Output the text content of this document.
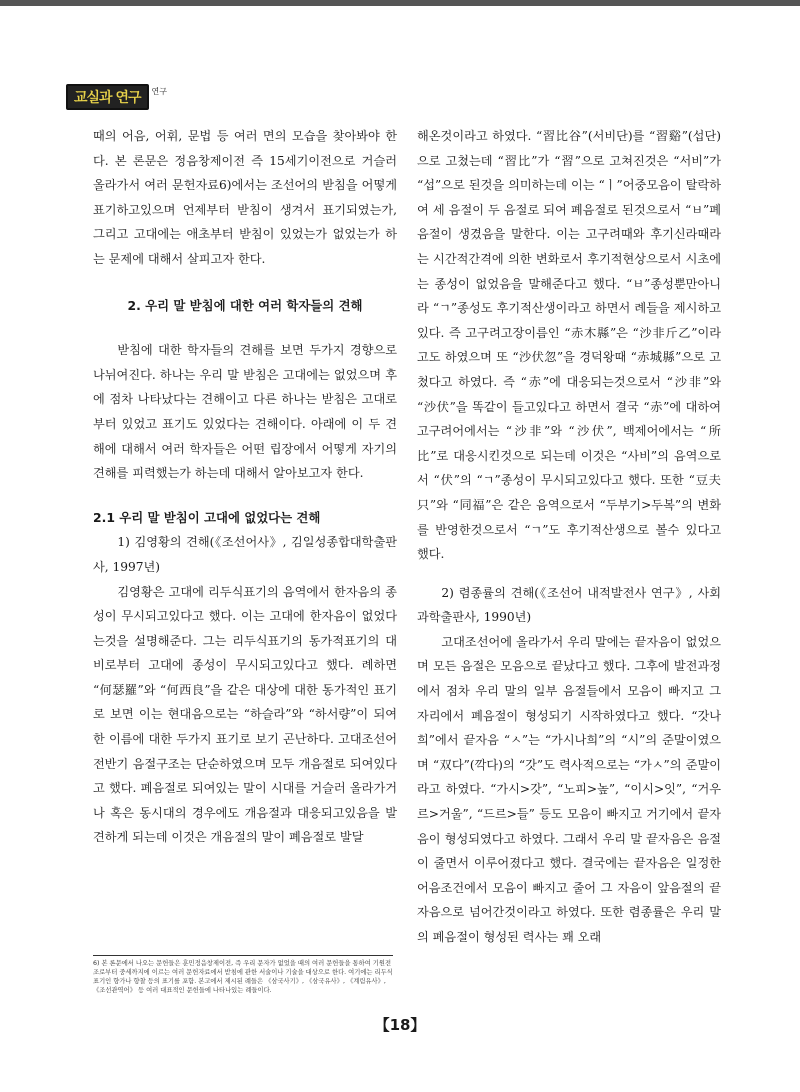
교실과 연구	연구

때의 어음, 어휘, 문법 등 여러 면의 모습을 찾아봐야 한다. 본 론문은 정음창제이전 즉 15세기이전으로 거슬러 올라가서 여러 문헌자료6)에서는 조선어의 받침을 어떻게 표기하고있으며 언제부터 받침이 생겨서 표기되였는가, 그리고 고대에는 애초부터 받침이 있었는가 없었는가 하는 문제에 대해서 살피고자 한다.

2. 우리 말 받침에 대한 여러 학자들의 견해

받침에 대한 학자들의 견해를 보면 두가지 경향으로 나뉘여진다. 하나는 우리 말 받침은 고대에는 없었으며 후에 점차 나타났다는 견해이고 다른 하나는 받침은 고대로부터 있었고 표기도 있었다는 견해이다. 아래에 이 두 견해에 대해서 여러 학자들은 어떤 립장에서 어떻게 자기의 견해를 피력했는가 하는데 대해서 알아보고자 한다.

2.1 우리 말 받침이 고대에 없었다는 견해

1) 김영황의 견해(《조선어사》, 김일성종합대학출판사, 1997년)

김영황은 고대에 리두식표기의 음역에서 한자음의 종성이 무시되고있다고 했다. 이는 고대에 한자음이 없었다는것을 설명해준다. 그는 리두식표기의 동가적표기의 대비로부터 고대에 종성이 무시되고있다고 했다. 례하면 “何瑟羅”와 “何西良”을 같은 대상에 대한 동가적인 표기로 보면 이는 현대음으로는 “하슬라”와 “하서량”이 되여 한 이름에 대한 두가지 표기로 보기 곤난하다. 고대조선어 전반기 음절구조는 단순하였으며 모두 개음절로 되여있다고 했다. 폐음절로 되여있는 말이 시대를 거슬러 올라가거나 혹은 동시대의 경우에도 개음절과 대응되고있음을 발견하게 되는데 이것은 개음절의 말이 폐음절로 발달

해온것이라고 하였다. “習比谷”(서비단)를 “習谿”(섭단)으로 고쳤는데 “習比”가 “習”으로 고쳐진것은 “서비”가 “섭”으로 된것을 의미하는데 이는 “ㅣ”어중모음이 탈락하여 세 음절이 두 음절로 되여 폐음절로 된것으로서 “ㅂ”폐음절이 생겼음을 말한다. 이는 고구려때와 후기신라때라는 시간적간격에 의한 변화로서 후기적현상으로서 시초에는 종성이 없었음을 말해준다고 했다. “ㅂ”종성뿐만아니라 “ㄱ”종성도 후기적산생이라고 하면서 례들을 제시하고있다. 즉 고구려고장이름인 “赤木縣”은 “沙非斤乙”이라고도 하였으며 또 “沙伏忽”을 경덕왕때 “赤城縣”으로 고쳤다고 하였다. 즉 “赤”에 대응되는것으로서 “沙非”와 “沙伏”을 똑같이 들고있다고 하면서 결국 “赤”에 대하여 고구려어에서는 “沙非”와 “沙伏”, 백제어에서는 “所比”로 대응시킨것으로 되는데 이것은 “사비”의 음역으로서 “伏”의 “ㄱ”종성이 무시되고있다고 했다. 또한 “豆夫只”와 “同福”은 같은 음역으로서 “두부기>두복”의 변화를 반영한것으로서 “ㄱ”도 후기적산생으로 볼수 있다고 했다.

2) 렴종률의 견해(《조선어 내적발전사 연구》, 사회과학출판사, 1990년)

고대조선어에 올라가서 우리 말에는 끝자음이 없었으며 모든 음절은 모음으로 끝났다고 했다. 그후에 발전과정에서 점차 우리 말의 일부 음절들에서 모음이 빠지고 그 자리에서 폐음절이 형성되기 시작하였다고 했다. “갓나희”에서 끝자음 “ㅅ”는 “가시나희”의 “시”의 준말이였으며 “双다”(깍다)의 “갓”도 력사적으로는 “가ㅅ”의 준말이라고 하였다. “가시>갓”, “노피>높”, “이시>잇”, “거우르>거울”, “드르>들” 등도 모음이 빠지고 거기에서 끝자음이 형성되였다고 하였다. 그래서 우리 말 끝자음은 음절이 줄면서 이루어졌다고 했다. 결국에는 끝자음은 일정한 어음조건에서 모음이 빠지고 줄어 그 자음이 앞음절의 끝자음으로 넘어간것이라고 하였다. 또한 렴종률은 우리 말의 폐음절이 형성된 력사는 꽤 오래

6) 본 론문에서 나오는 문헌들은 훈민정음창제이전, 즉 우리 문자가 없었을 때의 여러 문헌들을 통하여 기원전조로부터 중세까지에 이르는 여러 문헌자료에서 받침에 관한 서술이나 기술을 대상으로 한다. 여기에는 리두식표기인 향가나 향찰 등의 표기를 포함. 본고에서 제시된 례들은 《삼국사기》, 《삼국유사》, 《계림유사》, 《조선관역어》 등 여러 대표적인 문헌들에 나타나있는 례들이다.
【18】
